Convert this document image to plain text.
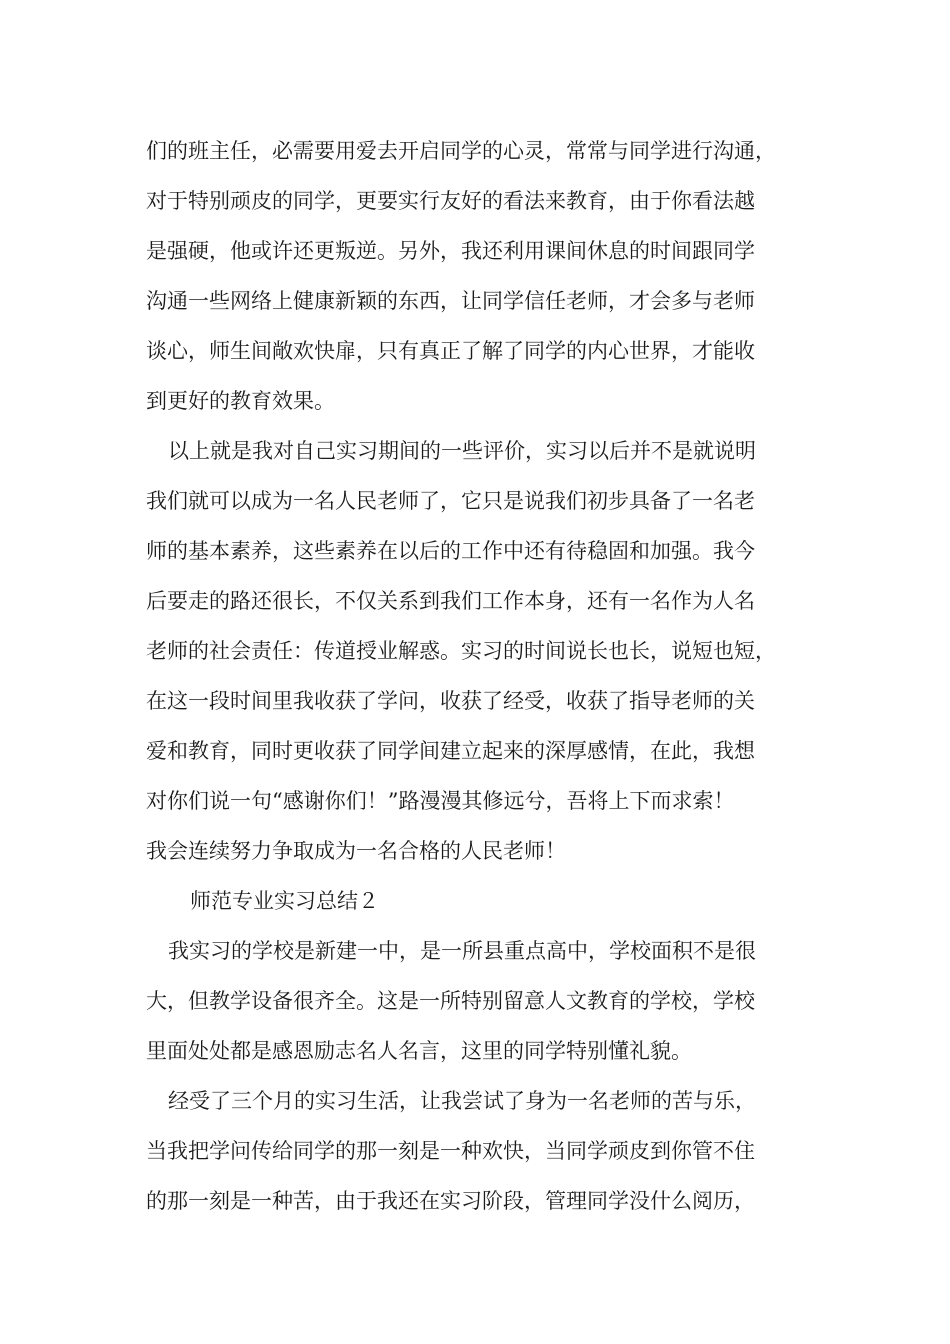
们的班主任，必需要用爱去开启同学的心灵，常常与同学进行沟通，
对于特别顽皮的同学，更要实行友好的看法来教育，由于你看法越
是强硬，他或许还更叛逆。另外，我还利用课间休息的时间跟同学
沟通一些网络上健康新颖的东西，让同学信任老师，才会多与老师
谈心，师生间敞欢快扉，只有真正了解了同学的内心世界，才能收
到更好的教育效果。
以上就是我对自己实习期间的一些评价，实习以后并不是就说明
我们就可以成为一名人民老师了，它只是说我们初步具备了一名老
师的基本素养，这些素养在以后的工作中还有待稳固和加强。我今
后要走的路还很长，不仅关系到我们工作本身，还有一名作为人名
老师的社会责任：传道授业解惑。实习的时间说长也长，说短也短，
在这一段时间里我收获了学问，收获了经受，收获了指导老师的关
爱和教育，同时更收获了同学间建立起来的深厚感情，在此，我想
对你们说一句“感谢你们！”路漫漫其修远兮，吾将上下而求索！
我会连续努力争取成为一名合格的人民老师！
师范专业实习总结２
我实习的学校是新建一中，是一所县重点高中，学校面积不是很
大，但教学设备很齐全。这是一所特别留意人文教育的学校，学校
里面处处都是感恩励志名人名言，这里的同学特别懂礼貌。
经受了三个月的实习生活，让我尝试了身为一名老师的苦与乐，
当我把学问传给同学的那一刻是一种欢快，当同学顽皮到你管不住
的那一刻是一种苦，由于我还在实习阶段，管理同学没什么阅历，
